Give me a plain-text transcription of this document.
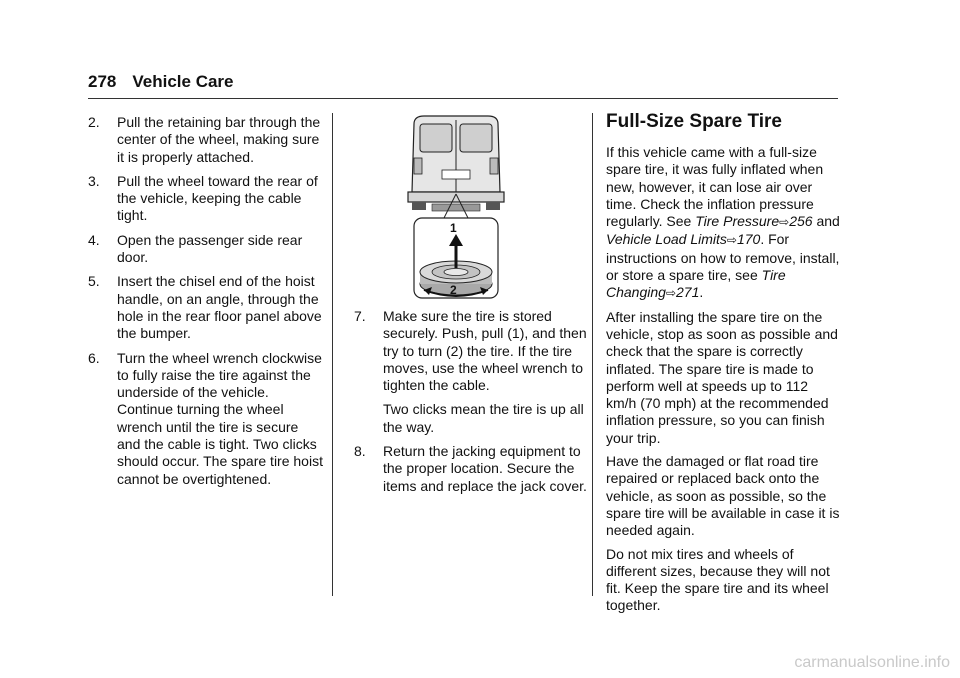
278 Vehicle Care
2. Pull the retaining bar through the center of the wheel, making sure it is properly attached.
3. Pull the wheel toward the rear of the vehicle, keeping the cable tight.
4. Open the passenger side rear door.
5. Insert the chisel end of the hoist handle, on an angle, through the hole in the rear floor panel above the bumper.
6. Turn the wheel wrench clockwise to fully raise the tire against the underside of the vehicle. Continue turning the wheel wrench until the tire is secure and the cable is tight. Two clicks should occur. The spare tire hoist cannot be overtightened.
1
2
7. Make sure the tire is stored securely. Push, pull (1), and then try to turn (2) the tire. If the tire moves, use the wheel wrench to tighten the cable.
Two clicks mean the tire is up all the way.
8. Return the jacking equipment to the proper location. Secure the items and replace the jack cover.
Full-Size Spare Tire

If this vehicle came with a full-size spare tire, it was fully inflated when new, however, it can lose air over time. Check the inflation pressure regularly. See Tire Pressure⇨256 and Vehicle Load Limits⇨170. For instructions on how to remove, install, or store a spare tire, see Tire Changing⇨271.

After installing the spare tire on the vehicle, stop as soon as possible and check that the spare is correctly inflated. The spare tire is made to perform well at speeds up to 112 km/h (70 mph) at the recommended inflation pressure, so you can finish your trip.

Have the damaged or flat road tire repaired or replaced back onto the vehicle, as soon as possible, so the spare tire will be available in case it is needed again.

Do not mix tires and wheels of different sizes, because they will not fit. Keep the spare tire and its wheel together.

carmanualsonline.info
